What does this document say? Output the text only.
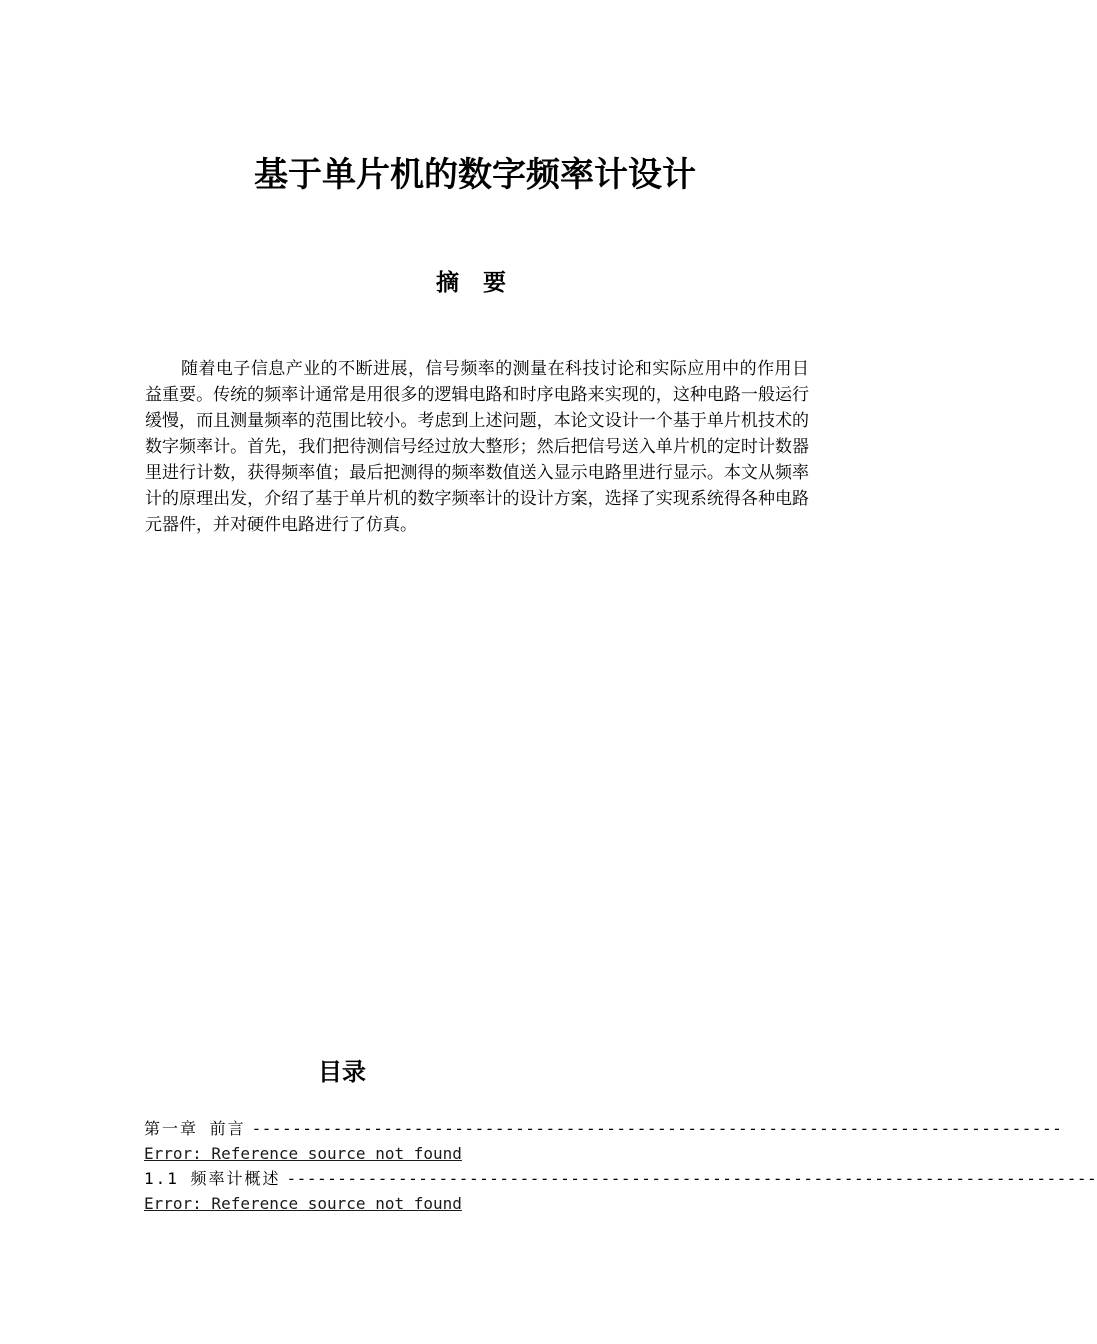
基于单片机的数字频率计设计
摘 要

随着电子信息产业的不断进展，信号频率的测量在科技讨论和实际应用中的作用日益重要。传统的频率计通常是用很多的逻辑电路和时序电路来实现的，这种电路一般运行缓慢，而且测量频率的范围比较小。考虑到上述问题，本论文设计一个基于单片机技术的数字频率计。首先，我们把待测信号经过放大整形；然后把信号送入单片机的定时计数器里进行计数，获得频率值；最后把测得的频率数值送入显示电路里进行显示。本文从频率计的原理出发，介绍了基于单片机的数字频率计的设计方案，选择了实现系统得各种电路元器件，并对硬件电路进行了仿真。

目录
第一章 前言 --------------------------------------------------------------------------------
Error: Reference source not found
1.1 频率计概述 --------------------------------------------------------------------------------
Error: Reference source not found
